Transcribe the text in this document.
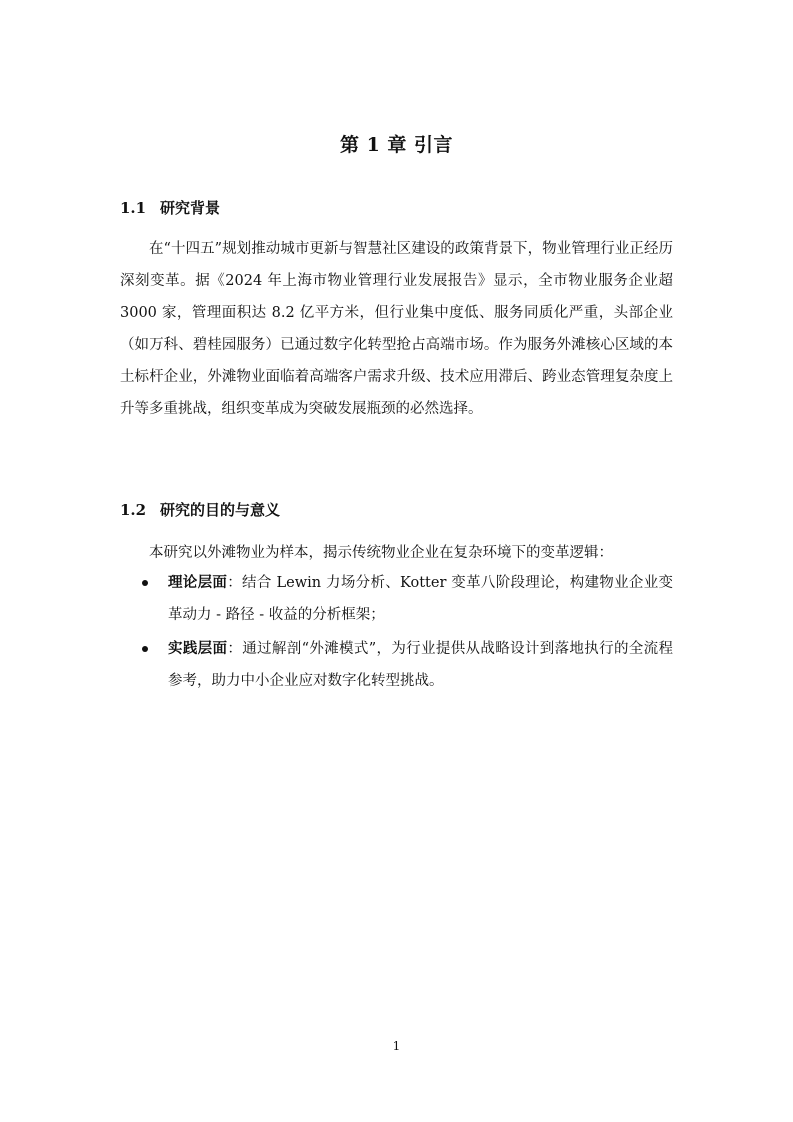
第 1 章 引言
1.1 研究背景

在“十四五”规划推动城市更新与智慧社区建设的政策背景下，物业管理行业正经历深刻变革。据《2024 年上海市物业管理行业发展报告》显示，全市物业服务企业超 3000 家，管理面积达 8.2 亿平方米，但行业集中度低、服务同质化严重，头部企业（如万科、碧桂园服务）已通过数字化转型抢占高端市场。作为服务外滩核心区域的本土标杆企业，外滩物业面临着高端客户需求升级、技术应用滞后、跨业态管理复杂度上升等多重挑战，组织变革成为突破发展瓶颈的必然选择。

1.2 研究的目的与意义

本研究以外滩物业为样本，揭示传统物业企业在复杂环境下的变革逻辑：

理论层面：结合 Lewin 力场分析、Kotter 变革八阶段理论，构建物业企业变革动力 - 路径 - 收益的分析框架；
实践层面：通过解剖“外滩模式”，为行业提供从战略设计到落地执行的全流程参考，助力中小企业应对数字化转型挑战。

1
